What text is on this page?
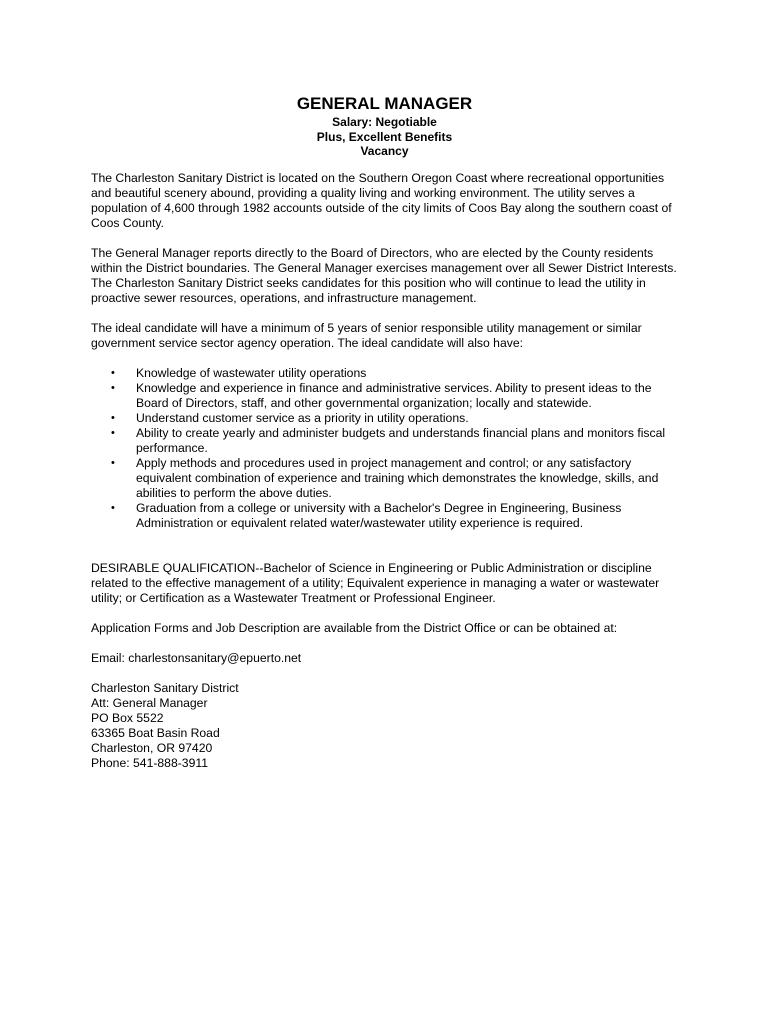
GENERAL MANAGER
Salary: Negotiable
Plus, Excellent Benefits
Vacancy

The Charleston Sanitary District is located on the Southern Oregon Coast where recreational opportunities and beautiful scenery abound, providing a quality living and working environment. The utility serves a population of 4,600 through 1982 accounts outside of the city limits of Coos Bay along the southern coast of Coos County.

The General Manager reports directly to the Board of Directors, who are elected by the County residents within the District boundaries. The General Manager exercises management over all Sewer District Interests. The Charleston Sanitary District seeks candidates for this position who will continue to lead the utility in proactive sewer resources, operations, and infrastructure management.

The ideal candidate will have a minimum of 5 years of senior responsible utility management or similar government service sector agency operation. The ideal candidate will also have:

• Knowledge of wastewater utility operations
• Knowledge and experience in finance and administrative services. Ability to present ideas to the Board of Directors, staff, and other governmental organization; locally and statewide.
• Understand customer service as a priority in utility operations.
• Ability to create yearly and administer budgets and understands financial plans and monitors fiscal performance.
• Apply methods and procedures used in project management and control; or any satisfactory equivalent combination of experience and training which demonstrates the knowledge, skills, and abilities to perform the above duties.
• Graduation from a college or university with a Bachelor's Degree in Engineering, Business Administration or equivalent related water/wastewater utility experience is required.

DESIRABLE QUALIFICATION--Bachelor of Science in Engineering or Public Administration or discipline related to the effective management of a utility; Equivalent experience in managing a water or wastewater utility; or Certification as a Wastewater Treatment or Professional Engineer.

Application Forms and Job Description are available from the District Office or can be obtained at:

Email: charlestonsanitary@epuerto.net

Charleston Sanitary District
Att: General Manager
PO Box 5522
63365 Boat Basin Road
Charleston, OR 97420
Phone: 541-888-3911
